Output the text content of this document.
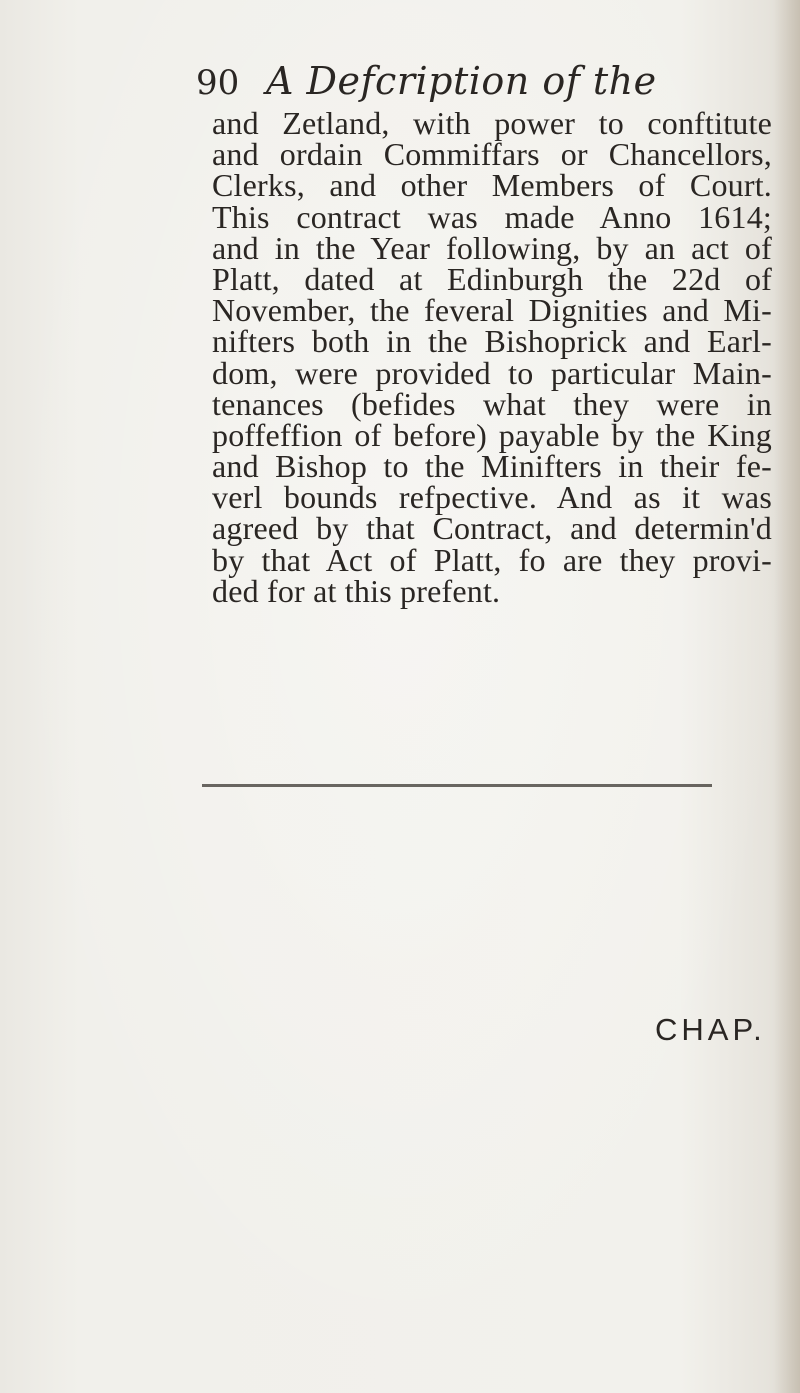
90 A Defcription of the
and Zetland, with power to conftitute
and ordain Commiffars or Chancellors,
Clerks, and other Members of Court.
This contract was made Anno 1614;
and in the Year following, by an act of
Platt, dated at Edinburgh the 22d of
November, the feveral Dignities and Mi-
nifters both in the Bishoprick and Earl-
dom, were provided to particular Main-
tenances (befides what they were in
poffeffion of before) payable by the King
and Bishop to the Minifters in their fe-
verl bounds refpective. And as it was
agreed by that Contract, and determin'd
by that Act of Platt, fo are they provi-
ded for at this prefent.
CHAP.
